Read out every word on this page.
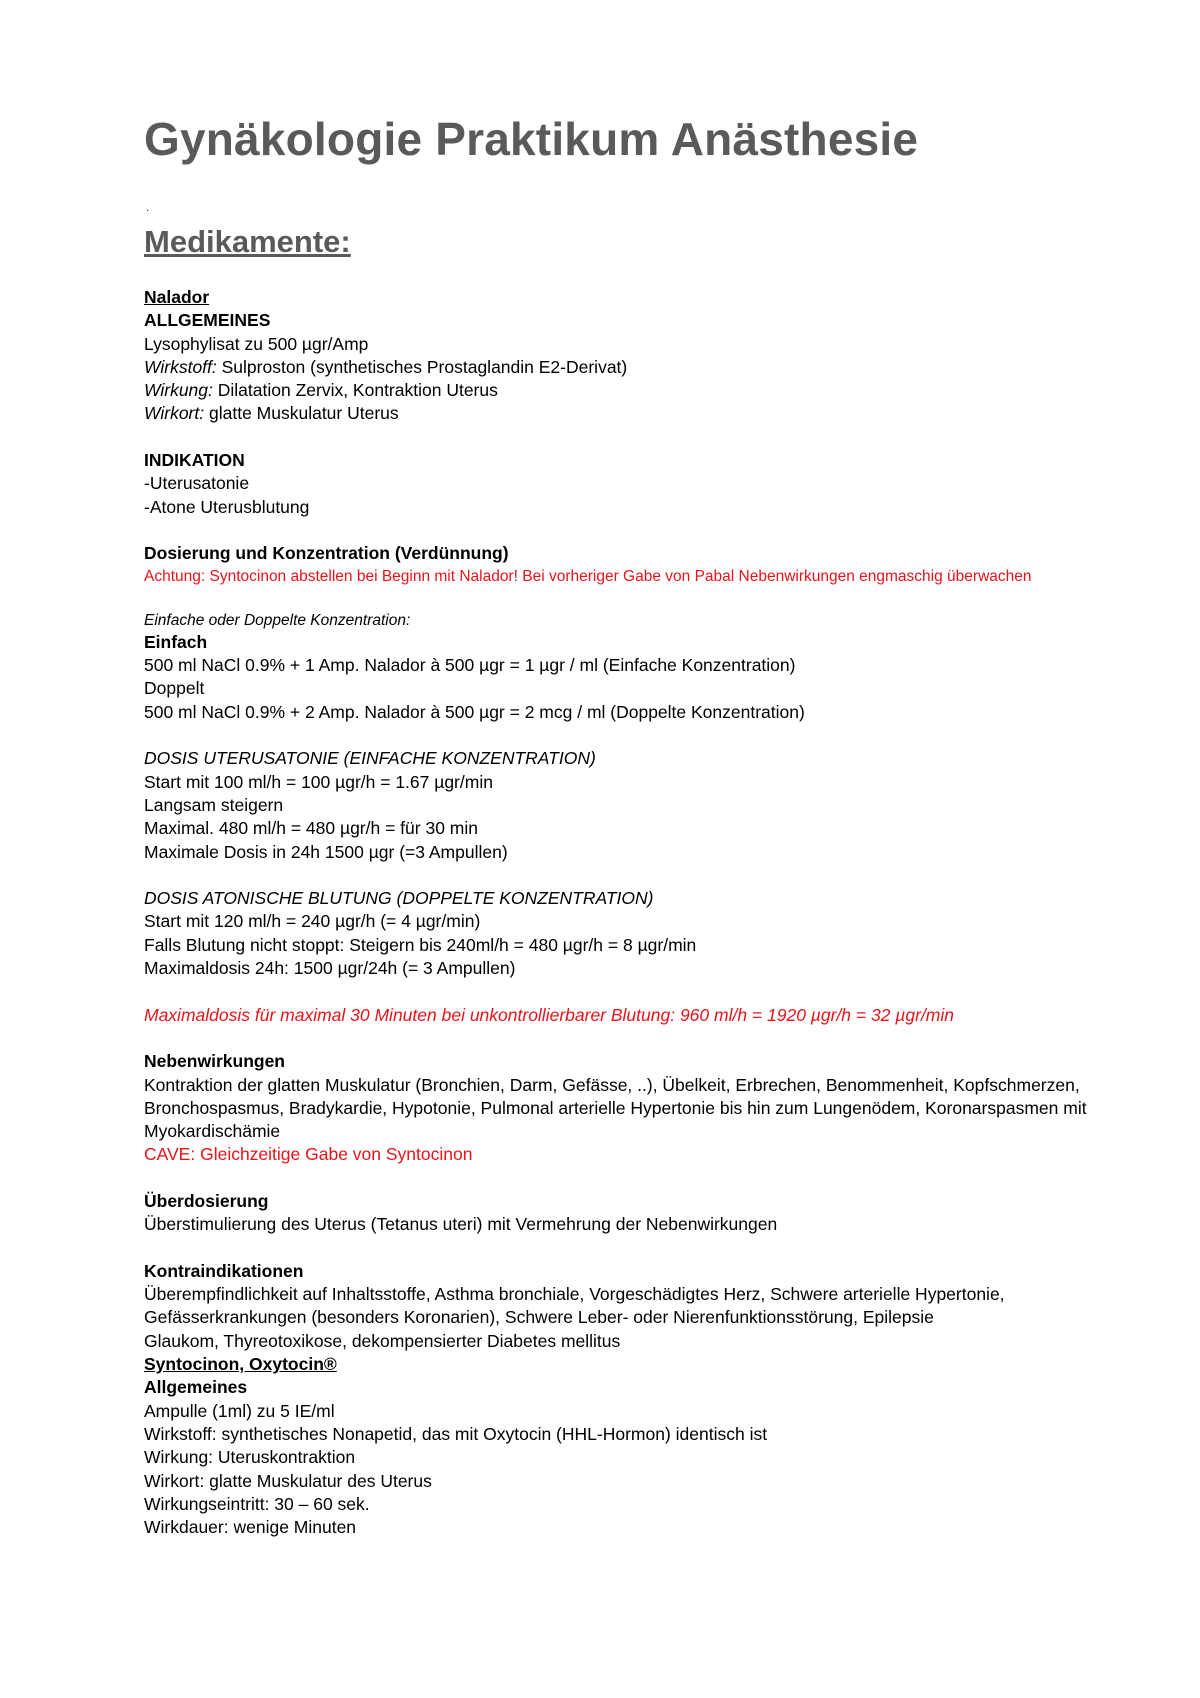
Gynäkologie Praktikum Anästhesie
.
Medikamente:

Nalador

ALLGEMEINES

Lysophylisat zu 500 µgr/Amp

Wirkstoff: Sulproston (synthetisches Prostaglandin E2-Derivat)

Wirkung: Dilatation Zervix, Kontraktion Uterus

Wirkort: glatte Muskulatur Uterus

INDIKATION

-Uterusatonie

-Atone Uterusblutung

Dosierung und Konzentration (Verdünnung)

Achtung: Syntocinon abstellen bei Beginn mit Nalador! Bei vorheriger Gabe von Pabal Nebenwirkungen engmaschig überwachen

Einfache oder Doppelte Konzentration:

Einfach

500 ml NaCl 0.9% + 1 Amp. Nalador à 500 µgr = 1 µgr / ml (Einfache Konzentration)

Doppelt

500 ml NaCl 0.9% + 2 Amp. Nalador à 500 µgr = 2 mcg / ml (Doppelte Konzentration)

DOSIS UTERUSATONIE (EINFACHE KONZENTRATION)

Start mit 100 ml/h = 100 µgr/h = 1.67 µgr/min

Langsam steigern

Maximal. 480 ml/h = 480 µgr/h = für 30 min

Maximale Dosis in 24h 1500 µgr (=3 Ampullen)

DOSIS ATONISCHE BLUTUNG (DOPPELTE KONZENTRATION)

Start mit 120 ml/h = 240 µgr/h (= 4 µgr/min)

Falls Blutung nicht stoppt: Steigern bis 240ml/h = 480 µgr/h = 8 µgr/min

Maximaldosis 24h: 1500 µgr/24h (= 3 Ampullen)

Maximaldosis für maximal 30 Minuten bei unkontrollierbarer Blutung: 960 ml/h = 1920 µgr/h = 32 µgr/min

Nebenwirkungen

Kontraktion der glatten Muskulatur (Bronchien, Darm, Gefässe, ..), Übelkeit, Erbrechen, Benommenheit, Kopfschmerzen, Bronchospasmus, Bradykardie, Hypotonie, Pulmonal arterielle Hypertonie bis hin zum Lungenödem, Koronarspasmen mit Myokardischämie

CAVE: Gleichzeitige Gabe von Syntocinon

Überdosierung

Überstimulierung des Uterus (Tetanus uteri) mit Vermehrung der Nebenwirkungen

Kontraindikationen

Überempfindlichkeit auf Inhaltsstoffe, Asthma bronchiale, Vorgeschädigtes Herz, Schwere arterielle Hypertonie, Gefässerkrankungen (besonders Koronarien), Schwere Leber- oder Nierenfunktionsstörung, Epilepsie

Glaukom, Thyreotoxikose, dekompensierter Diabetes mellitus

Syntocinon, Oxytocin®

Allgemeines

Ampulle (1ml) zu 5 IE/ml

Wirkstoff: synthetisches Nonapetid, das mit Oxytocin (HHL-Hormon) identisch ist

Wirkung: Uteruskontraktion

Wirkort: glatte Muskulatur des Uterus

Wirkungseintritt: 30 – 60 sek.

Wirkdauer: wenige Minuten
